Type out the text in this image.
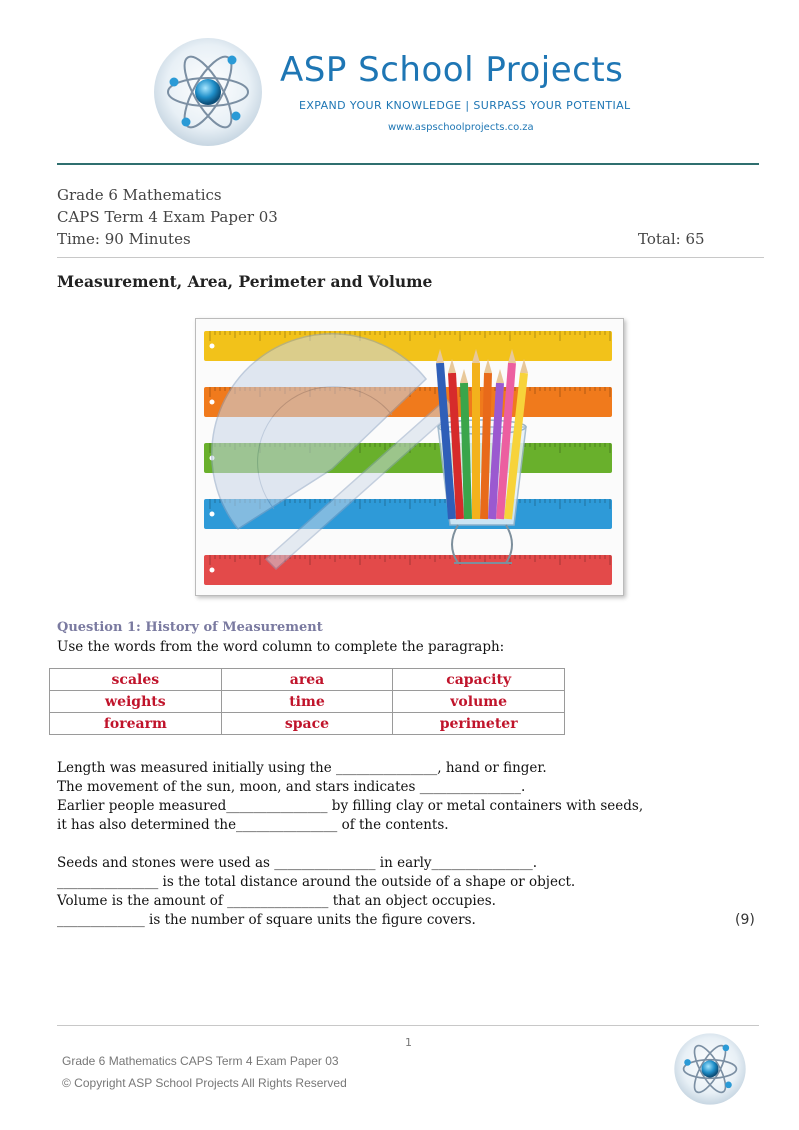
ASP School Projects
EXPAND YOUR KNOWLEDGE | SURPASS YOUR POTENTIAL
www.aspschoolprojects.co.za
Grade 6 Mathematics
CAPS Term 4 Exam Paper 03
Time: 90 Minutes	Total: 65
Measurement, Area, Perimeter and Volume
Question 1: History of Measurement
Use the words from the word column to complete the paragraph:
scales	area	capacity
weights	time	volume
forearm	space	perimeter
Length was measured initially using the _______________, hand or finger.
The movement of the sun, moon, and stars indicates _______________.
Earlier people measured_______________ by filling clay or metal containers with seeds,
it has also determined the_______________ of the contents.
Seeds and stones were used as _______________ in early_______________.
_______________ is the total distance around the outside of a shape or object.
Volume is the amount of _______________ that an object occupies.
_____________ is the number of square units the figure covers.	(9)
1
Grade 6 Mathematics CAPS Term 4 Exam Paper 03
© Copyright ASP School Projects All Rights Reserved
